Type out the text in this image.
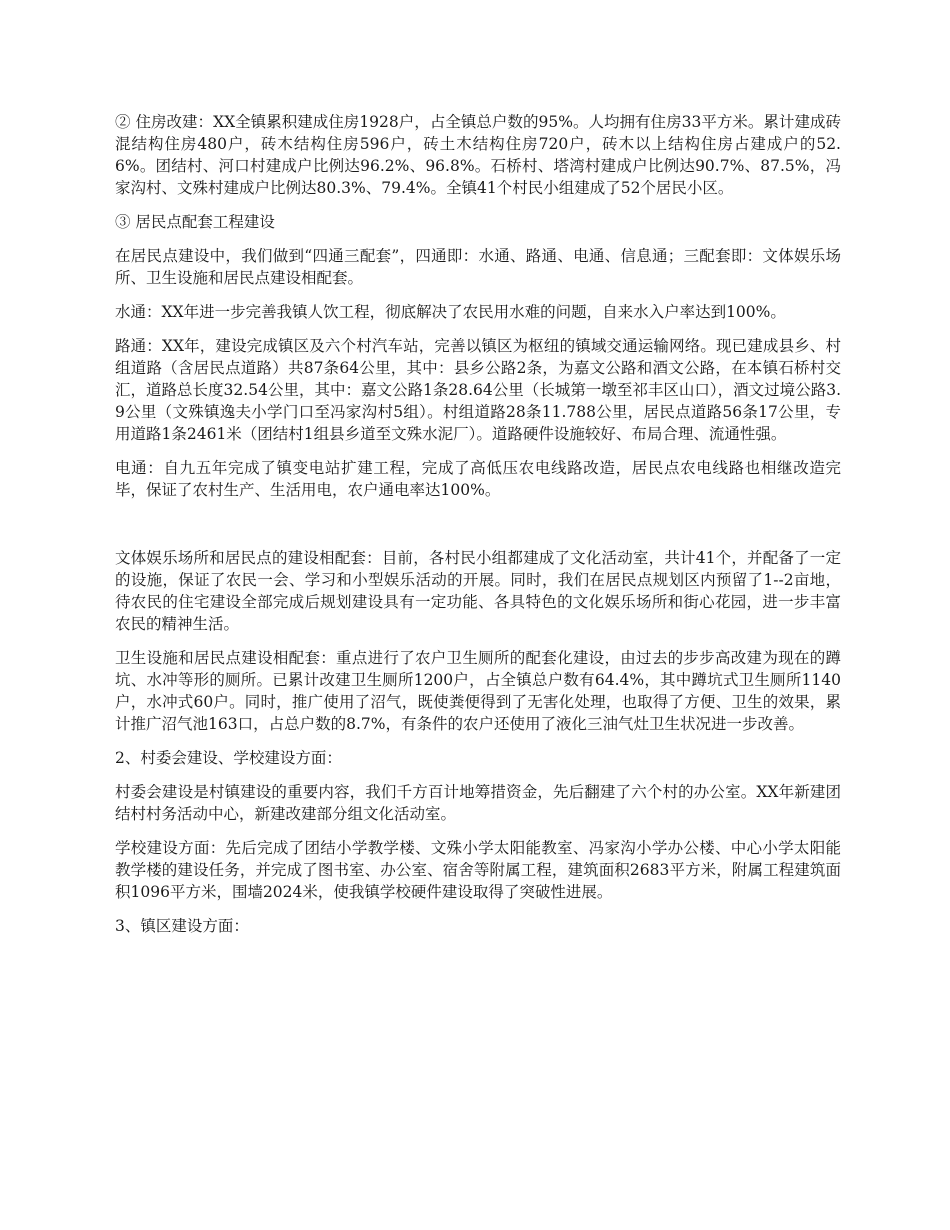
② 住房改建：XX全镇累积建成住房1928户，占全镇总户数的95%。人均拥有住房33平方米。累计建成砖混结构住房480户，砖木结构住房596户，砖土木结构住房720户，砖木以上结构住房占建成户的52.6%。团结村、河口村建成户比例达96.2%、96.8%。石桥村、塔湾村建成户比例达90.7%、87.5%，冯家沟村、文殊村建成户比例达80.3%、79.4%。全镇41个村民小组建成了52个居民小区。

③ 居民点配套工程建设

在居民点建设中，我们做到“四通三配套”，四通即：水通、路通、电通、信息通；三配套即：文体娱乐场所、卫生设施和居民点建设相配套。

水通：XX年进一步完善我镇人饮工程，彻底解决了农民用水难的问题，自来水入户率达到100%。

路通：XX年，建设完成镇区及六个村汽车站，完善以镇区为枢纽的镇域交通运输网络。现已建成县乡、村组道路（含居民点道路）共87条64公里，其中：县乡公路2条，为嘉文公路和酒文公路，在本镇石桥村交汇，道路总长度32.54公里，其中：嘉文公路1条28.64公里（长城第一墩至祁丰区山口），酒文过境公路3.9公里（文殊镇逸夫小学门口至冯家沟村5组）。村组道路28条11.788公里，居民点道路56条17公里，专用道路1条2461米（团结村1组县乡道至文殊水泥厂）。道路硬件设施较好、布局合理、流通性强。

电通：自九五年完成了镇变电站扩建工程，完成了高低压农电线路改造，居民点农电线路也相继改造完毕，保证了农村生产、生活用电，农户通电率达100%。

文体娱乐场所和居民点的建设相配套：目前，各村民小组都建成了文化活动室，共计41个，并配备了一定的设施，保证了农民一会、学习和小型娱乐活动的开展。同时，我们在居民点规划区内预留了1--2亩地，待农民的住宅建设全部完成后规划建设具有一定功能、各具特色的文化娱乐场所和街心花园，进一步丰富农民的精神生活。

卫生设施和居民点建设相配套：重点进行了农户卫生厕所的配套化建设，由过去的步步高改建为现在的蹲坑、水冲等形的厕所。已累计改建卫生厕所1200户，占全镇总户数有64.4%，其中蹲坑式卫生厕所1140户，水冲式60户。同时，推广使用了沼气，既使粪便得到了无害化处理，也取得了方便、卫生的效果，累计推广沼气池163口，占总户数的8.7%，有条件的农户还使用了液化三油气灶卫生状况进一步改善。

2、村委会建设、学校建设方面：

村委会建设是村镇建设的重要内容，我们千方百计地筹措资金，先后翻建了六个村的办公室。XX年新建团结村村务活动中心，新建改建部分组文化活动室。

学校建设方面：先后完成了团结小学教学楼、文殊小学太阳能教室、冯家沟小学办公楼、中心小学太阳能教学楼的建设任务，并完成了图书室、办公室、宿舍等附属工程，建筑面积2683平方米，附属工程建筑面积1096平方米，围墙2024米，使我镇学校硬件建设取得了突破性进展。

3、镇区建设方面：
